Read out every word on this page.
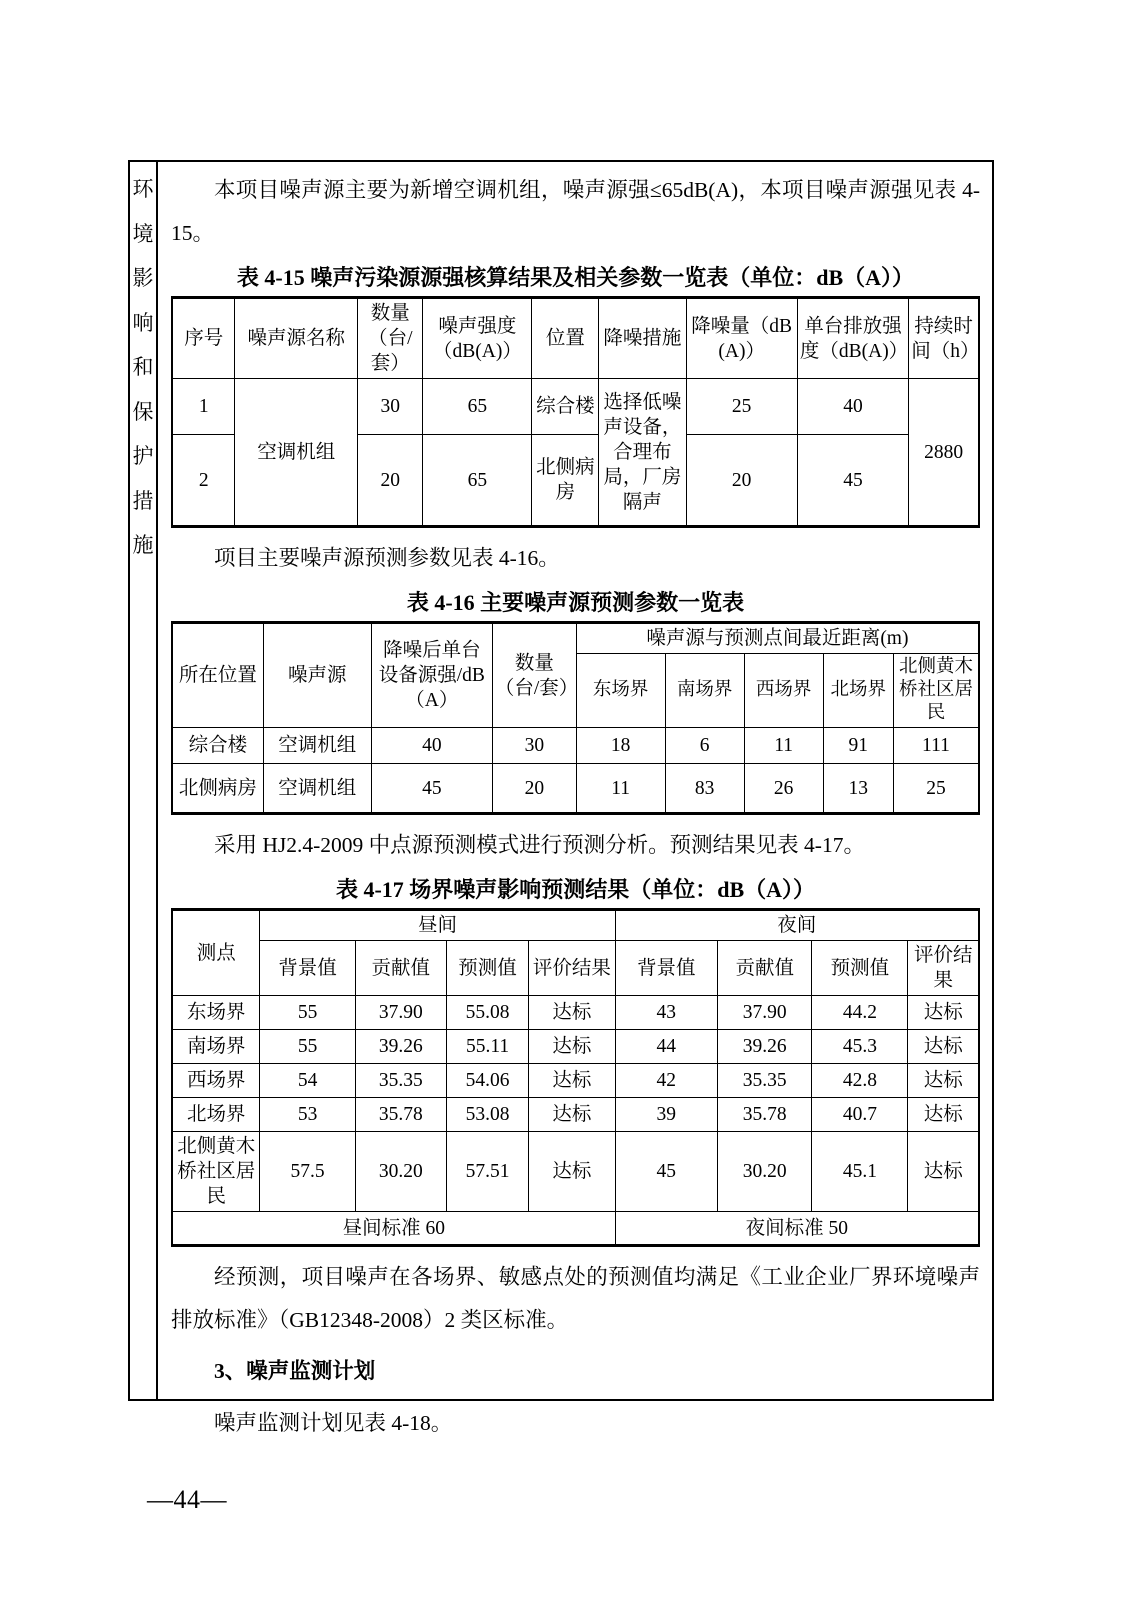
环
境
影
响
和
保
护
措
施

本项目噪声源主要为新增空调机组，噪声源强≤65dB(A)，本项目噪声源强见表 4-15。

表 4-15 噪声污染源源强核算结果及相关参数一览表（单位：dB（A））
序号	噪声源名称	数量（台/套）	噪声强度（dB(A)）	位置	降噪措施	降噪量（dB(A)）	单台排放强度（dB(A)）	持续时间（h）
1	空调机组	30	65	综合楼	选择低噪声设备，合理布局，厂房隔声	25	40	2880
2		20	65	北侧病房		20	45	

项目主要噪声源预测参数见表 4-16。

表 4-16 主要噪声源预测参数一览表
所在位置	噪声源	降噪后单台设备源强/dB（A）	数量（台/套）	噪声源与预测点间最近距离(m)				
				东场界	南场界	西场界	北场界	北侧黄木桥社区居民
综合楼	空调机组	40	30	18	6	11	91	111
北侧病房	空调机组	45	20	11	83	26	13	25

采用 HJ2.4-2009 中点源预测模式进行预测分析。预测结果见表 4-17。

表 4-17 场界噪声影响预测结果（单位：dB（A））
测点	昼间				夜间			
	背景值	贡献值	预测值	评价结果	背景值	贡献值	预测值	评价结果
东场界	55	37.90	55.08	达标	43	37.90	44.2	达标
南场界	55	39.26	55.11	达标	44	39.26	45.3	达标
西场界	54	35.35	54.06	达标	42	35.35	42.8	达标
北场界	53	35.78	53.08	达标	39	35.78	40.7	达标
北侧黄木桥社区居民	57.5	30.20	57.51	达标	45	30.20	45.1	达标
昼间标准 60					夜间标准 50			

经预测，项目噪声在各场界、敏感点处的预测值均满足《工业企业厂界环境噪声排放标准》（GB12348-2008）2 类区标准。

3、噪声监测计划

噪声监测计划见表 4-18。

—44—
